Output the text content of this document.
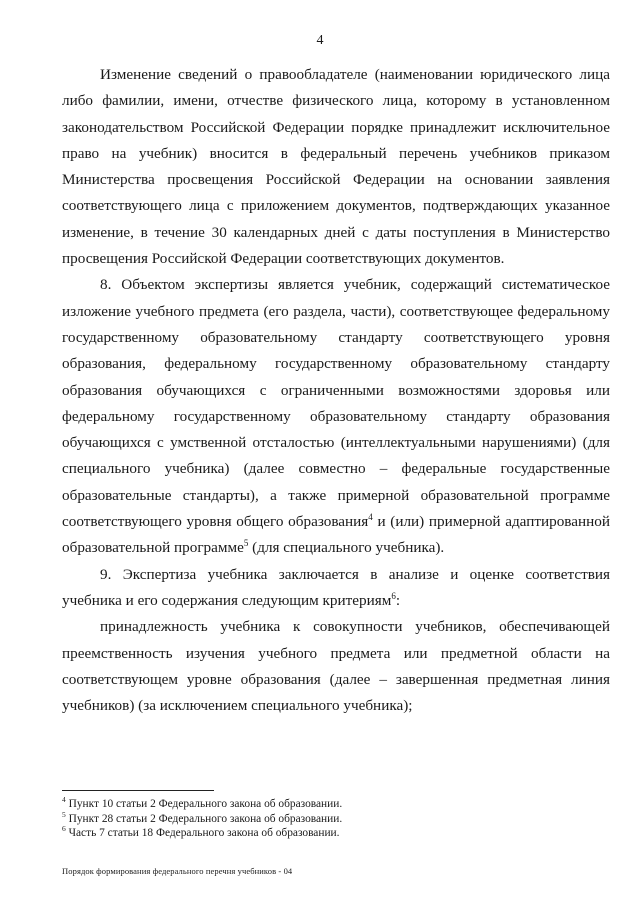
4

Изменение сведений о правообладателе (наименовании юридического лица либо фамилии, имени, отчестве физического лица, которому в установленном законодательством Российской Федерации порядке принадлежит исключительное право на учебник) вносится в федеральный перечень учебников приказом Министерства просвещения Российской Федерации на основании заявления соответствующего лица с приложением документов, подтверждающих указанное изменение, в течение 30 календарных дней с даты поступления в Министерство просвещения Российской Федерации соответствующих документов.

8. Объектом экспертизы является учебник, содержащий систематическое изложение учебного предмета (его раздела, части), соответствующее федеральному государственному образовательному стандарту соответствующего уровня образования, федеральному государственному образовательному стандарту образования обучающихся с ограниченными возможностями здоровья или федеральному государственному образовательному стандарту образования обучающихся с умственной отсталостью (интеллектуальными нарушениями) (для специального учебника) (далее совместно – федеральные государственные образовательные стандарты), а также примерной образовательной программе соответствующего уровня общего образования$^4$ и (или) примерной адаптированной образовательной программе$^5$ (для специального учебника).

9. Экспертиза учебника заключается в анализе и оценке соответствия учебника и его содержания следующим критериям$^6$:

принадлежность учебника к совокупности учебников, обеспечивающей преемственность изучения учебного предмета или предметной области на соответствующем уровне образования (далее – завершенная предметная линия учебников) (за исключением специального учебника);

$^4$ Пункт 10 статьи 2 Федерального закона об образовании.

$^5$ Пункт 28 статьи 2 Федерального закона об образовании.

$^6$ Часть 7 статьи 18 Федерального закона об образовании.

Порядок формирования федерального перечня учебников - 04
